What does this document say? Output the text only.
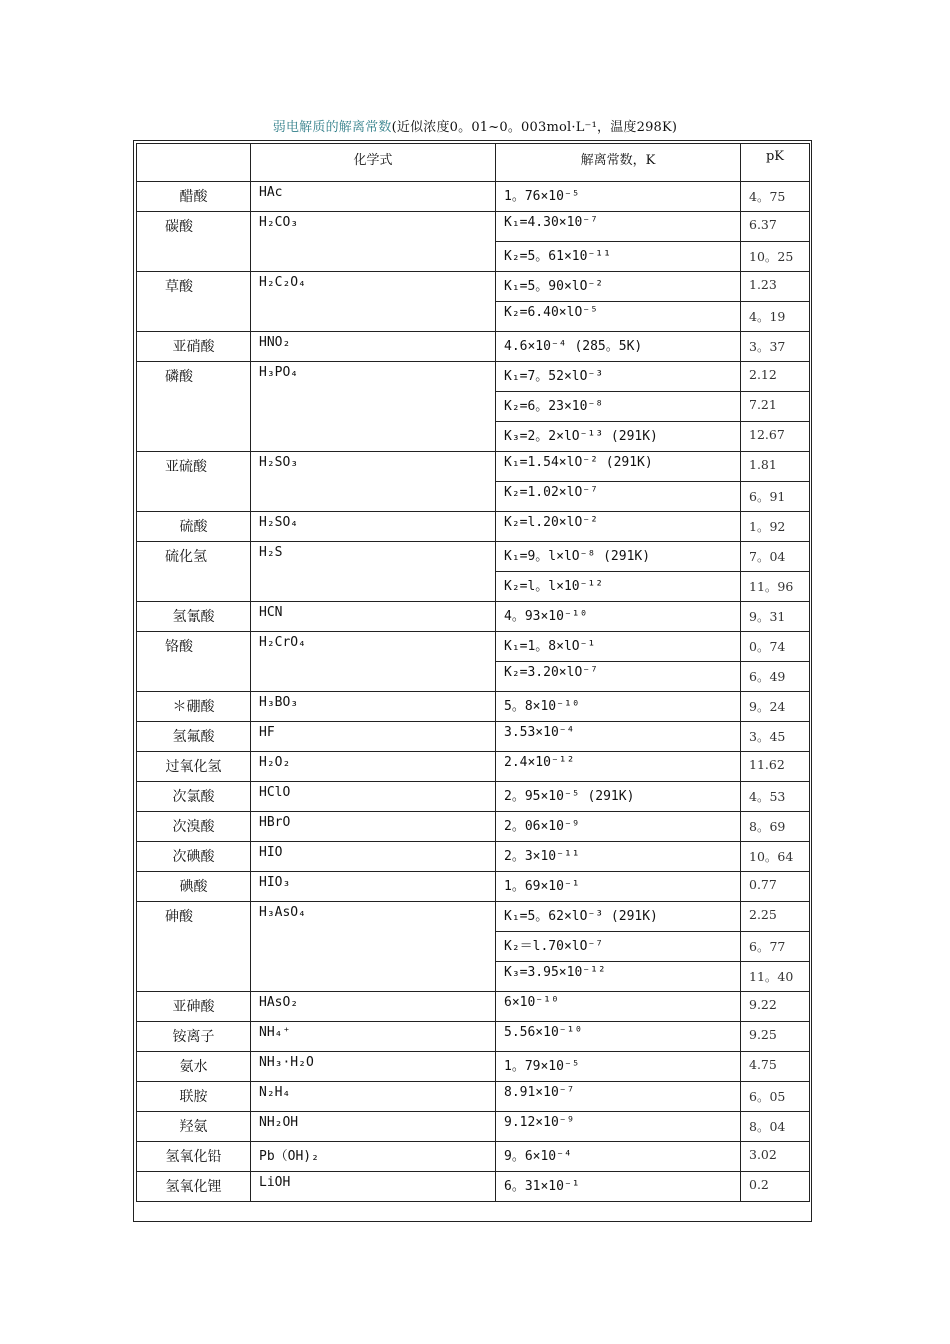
弱电解质的解离常数(近似浓度0。01~0。003mol·L⁻¹，温度298K)
	化学式	解离常数，K	pK
醋酸	HAc	1。76×10⁻⁵	4。75
碳酸	H₂CO₃	K₁=4.30×10⁻⁷	6.37
		K₂=5。61×10⁻¹¹	10。25
草酸	H₂C₂O₄	K₁=5。90×lO⁻²	1.23
		K₂=6.40×lO⁻⁵	4。19
亚硝酸	HNO₂	4.6×10⁻⁴ (285。5K)	3。37
磷酸	H₃PO₄	K₁=7。52×lO⁻³	2.12
		K₂=6。23×10⁻⁸	7.21
		K₃=2。2×lO⁻¹³ (291K)	12.67
亚硫酸	H₂SO₃	K₁=1.54×lO⁻² (291K)	1.81
		K₂=1.02×lO⁻⁷	6。91
硫酸	H₂SO₄	K₂=l.20×lO⁻²	1。92
硫化氢	H₂S	K₁=9。l×lO⁻⁸ (291K)	7。04
		K₂=l。l×10⁻¹²	11。96
氢氰酸	HCN	4。93×10⁻¹⁰	9。31
铬酸	H₂CrO₄	K₁=1。8×lO⁻¹	0。74
		K₂=3.20×lO⁻⁷	6。49
＊硼酸	H₃BO₃	5。8×10⁻¹⁰	9。24
氢氟酸	HF	3.53×10⁻⁴	3。45
过氧化氢	H₂O₂	2.4×10⁻¹²	11.62
次氯酸	HClO	2。95×10⁻⁵ (291K)	4。53
次溴酸	HBrO	2。06×10⁻⁹	8。69
次碘酸	HIO	2。3×10⁻¹¹	10。64
碘酸	HIO₃	1。69×10⁻¹	0.77
砷酸	H₃AsO₄	K₁=5。62×lO⁻³ (291K)	2.25
		K₂＝l.70×lO⁻⁷	6。77
		K₃=3.95×10⁻¹²	11。40
亚砷酸	HAsO₂	6×10⁻¹⁰	9.22
铵离子	NH₄⁺	5.56×10⁻¹⁰	9.25
氨水	NH₃·H₂O	1。79×10⁻⁵	4.75
联胺	N₂H₄	8.91×10⁻⁷	6。05
羟氨	NH₂OH	9.12×10⁻⁹	8。04
氢氧化铅	Pb（OH)₂	9。6×10⁻⁴	3.02
氢氧化锂	LiOH	6。31×10⁻¹	0.2
